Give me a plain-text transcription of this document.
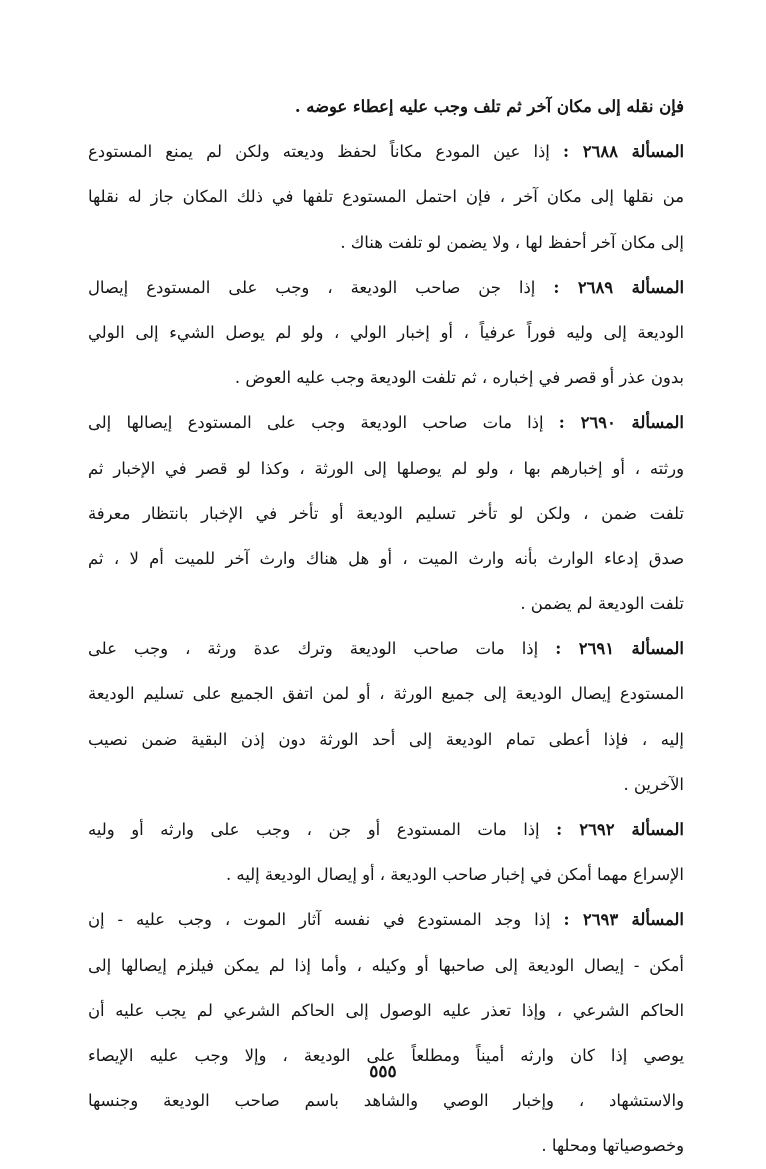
فإن نقله إلى مكان آخر ثم تلف وجب عليه إعطاء عوضه .
المسألة ٢٦٨٨ : إذا عين المودع مكاناً لحفظ وديعته ولكن لم يمنع المستودع
من نقلها إلى مكان آخر ، فإن احتمل المستودع تلفها في ذلك المكان جاز له نقلها
إلى مكان آخر أحفظ لها ، ولا يضمن لو تلفت هناك .
المسألة ٢٦٨٩ : إذا جن صاحب الوديعة ، وجب على المستودع إيصال
الوديعة إلى وليه فوراً عرفياً ، أو إخبار الولي ، ولو لم يوصل الشيء إلى الولي
بدون عذر أو قصر في إخباره ، ثم تلفت الوديعة وجب عليه العوض .
المسألة ٢٦٩٠ : إذا مات صاحب الوديعة وجب على المستودع إيصالها إلى
ورثته ، أو إخبارهم بها ، ولو لم يوصلها إلى الورثة ، وكذا لو قصر في الإخبار ثم
تلفت ضمن ، ولكن لو تأخر تسليم الوديعة أو تأخر في الإخبار بانتظار معرفة
صدق إدعاء الوارث بأنه وارث الميت ، أو هل هناك وارث آخر للميت أم لا ، ثم
تلفت الوديعة لم يضمن .
المسألة ٢٦٩١ : إذا مات صاحب الوديعة وترك عدة ورثة ، وجب على
المستودع إيصال الوديعة إلى جميع الورثة ، أو لمن اتفق الجميع على تسليم الوديعة
إليه ، فإذا أعطى تمام الوديعة إلى أحد الورثة دون إذن البقية ضمن نصيب
الآخرين .
المسألة ٢٦٩٢ : إذا مات المستودع أو جن ، وجب على وارثه أو وليه
الإسراع مهما أمكن في إخبار صاحب الوديعة ، أو إيصال الوديعة إليه .
المسألة ٢٦٩٣ : إذا وجد المستودع في نفسه آثار الموت ، وجب عليه - إن
أمكن - إيصال الوديعة إلى صاحبها أو وكيله ، وأما إذا لم يمكن فيلزم إيصالها إلى
الحاكم الشرعي ، وإذا تعذر عليه الوصول إلى الحاكم الشرعي لم يجب عليه أن
يوصي إذا كان وارثه أميناً ومطلعاً على الوديعة ، وإلا وجب عليه الإيصاء
والاستشهاد ، وإخبار الوصي والشاهد باسم صاحب الوديعة وجنسها
وخصوصياتها ومحلها .
٥٥٥
